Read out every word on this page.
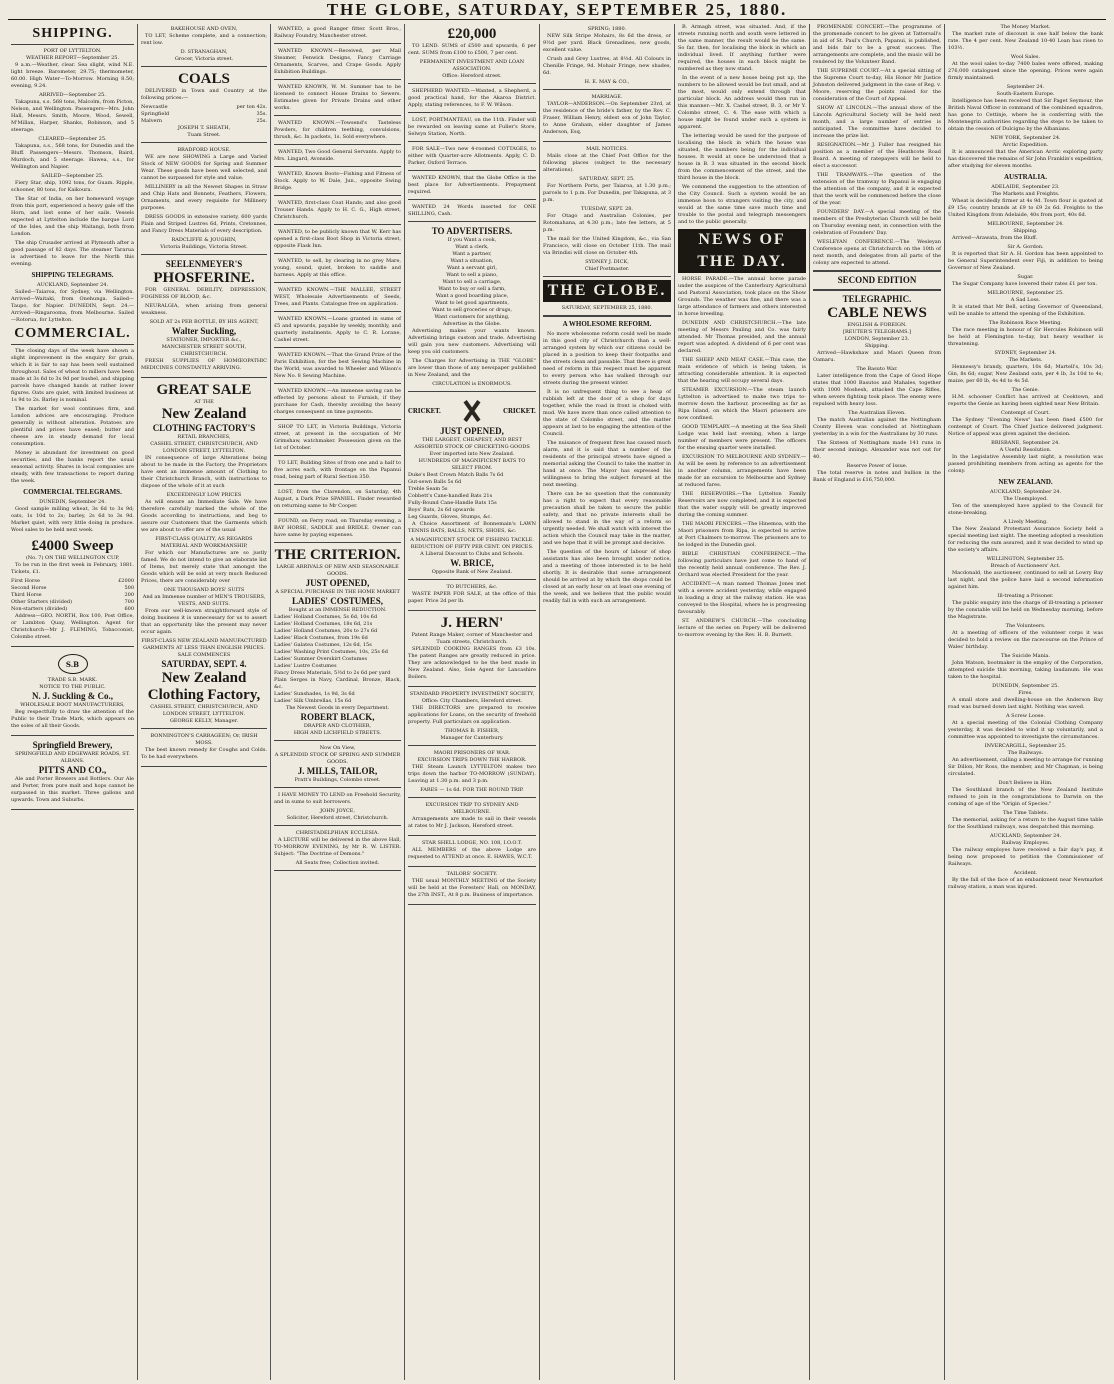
THE GLOBE, SATURDAY, SEPTEMBER 25, 1880.
SHIPPING.
PORT OF LYTTELTON.
WEATHER REPORT—September 25.

9 a.m.—Weather, clear. Sea slight, wind N.E. light breeze. Barometer, 29.75; thermometer, 60.00. High Water—To-Morrow. Morning 8.50; evening, 9.24.

ARRIVED—September 25.

Takapuna, s.s. 568 tons, Malcolm, from Picton, Nelson, and Wellington. Passengers—Mrs. John Hall, Messrs. Smith, Moore, Wood, Sewell, M'Millan, Harper, Shanks, Robinson, and 5 steerage.

CLEARED—September 25.

Takapuna, s.s., 568 tons, for Dunedin and the Bluff. Passengers—Messrs. Thomson, Baird, Murdoch, and 5 steerage. Hawea, s.s., for Wellington and Napier.

SAILED—September 25.

Fiery Star, ship, 1092 tons, for Guam. Ripple, schooner, 80 tons, for Kaikoura.

The Star of India, on her homeward voyage from this port, experienced a heavy gale off the Horn, and lost some of her sails. Vessels expected at Lyttelton include the barque Lord of the Isles, and the ship Waitangi, both from London.

The ship Crusader arrived at Plymouth after a good passage of 82 days. The steamer Tararua is advertised to leave for the North this evening.

SHIPPING TELEGRAMS.
AUCKLAND, September 24.

Sailed—Taiaroa, for Sydney, via Wellington. Arrived—Waitaki, from Onehunga. Sailed—Taupo, for Napier. DUNEDIN, Sept. 24.—Arrived—Ringarooma, from Melbourne. Sailed—Rotorua, for Lyttelton.

COMMERCIAL.

The closing days of the week have shown a slight improvement in the enquiry for grain, which it is fair to say has been well sustained throughout. Sales of wheat to millers have been made at 3s 6d to 3s 9d per bushel, and shipping parcels have changed hands at rather lower figures. Oats are quiet, with limited business at 1s 9d to 2s. Barley is nominal.

The market for wool continues firm, and London advices are encouraging. Produce generally is without alteration. Potatoes are plentiful and prices have eased; butter and cheese are in steady demand for local consumption.

Money is abundant for investment on good securities, and the banks report the usual seasonal activity. Shares in local companies are steady, with few transactions to report during the week.

COMMERCIAL TELEGRAMS.
DUNEDIN, September 24.

Good sample milling wheat, 3s 6d to 3s 9d; oats, 1s 10d to 2s; barley, 2s 6d to 3s 9d. Market quiet, with very little doing in produce. Wool sales to be held next week.

£4000 Sweep
(No. 7) ON THE WELLINGTON CUP,

To be run in the first week in February, 1881. Tickets, £1.

First Horse	£2000
Second Horse	500
Third Horse	200
Other Starters (divided)	700
Non-starters (divided)	600

Address—GEO. NORTH, Box 100, Post Office, or Lambton Quay, Wellington. Agent for Christchurch—Mr J. FLEMING, Tobacconist, Colombo street.

S.B
TRADE S.B. MARK.
NOTICE TO THE PUBLIC.
N. J. Suckling & Co.,
WHOLESALE BOOT MANUFACTURERS,

Beg respectfully to draw the attention of the Public to their Trade Mark, which appears on the soles of all their Goods.

Springfield Brewery,
SPRINGFIELD AND EDGEWARE ROADS, ST. ALBANS.
PITTS AND CO.,

Ale and Porter Brewers and Bottlers. Our Ale and Porter, from pure malt and hops cannot be surpassed in this market. Three gallons and upwards. Town and Suburbs.

BAKEHOUSE AND OVEN,

TO LET, Scheme complete, and a connection; rent low.

D. STRANAGHAN,
Grocer, Victoria street.
COALS

DELIVERED in Town and Country at the following prices:—

Newcastle	per ton 42s.
Springfield	35s.
Malvern	25s.
JOSEPH T. SHEATH,
Tuam Street.
BRADFORD HOUSE.

WE are now SHOWING a Large and Varied Stock of NEW GOODS for Spring and Summer Wear. These goods have been well selected, and cannot be surpassed for style and value.

MILLINERY in all the Newest Shapes in Straw and Chip Hats and Bonnets, Feathers, Flowers, Ornaments, and every requisite for Millinery purposes.

DRESS GOODS in extensive variety, 600 yards Plain and Striped Lustres 6d, Prints, Cretonnes, and Fancy Dress Materials of every description.

RADCLIFFE & JOUGHIN,
Victoria Buildings, Victoria Street.
SEELENMEYER'S
PHOSFERINE.

FOR GENERAL DEBILITY, DEPRESSION, FOGINESS OF BLOOD, &c.

NEURALGIA, when arising from general weakness.

SOLD AT 2s PER BOTTLE, BY HIS AGENT,
Walter Suckling,
STATIONER, IMPORTER &c.,
MANCHESTER STREET SOUTH, CHRISTCHURCH.

FRESH SUPPLIES OF HOMŒOPATHIC MEDICINES CONSTANTLY ARRIVING.

GREAT SALE
AT THE
New Zealand
CLOTHING FACTORY'S
RETAIL BRANCHES,
CASHEL STREET, CHRISTCHURCH, AND LONDON STREET, LYTTELTON.

IN consequence of large Alterations being about to be made in the Factory, the Proprietors have sent an immense amount of Clothing to their Christchurch Branch, with instructions to dispose of the whole of it at such

EXCEEDINGLY LOW PRICES

As will ensure an Immediate Sale. We have therefore carefully marked the whole of the Goods according to instructions, and beg to assure our Customers that the Garments which we are about to offer are of the usual

FIRST-CLASS QUALITY, AS REGARDS MATERIAL AND WORKMANSHIP,

For which our Manufactures are so justly famed. We do not intend to give an elaborate list of Items, but merely state that amongst the Goods which will be sold at very much Reduced Prices, there are considerably over

ONE THOUSAND BOYS' SUITS
And an Immense number of MEN'S TROUSERS, VESTS, AND SUITS.

From our well-known straightforward style of doing business it is unnecessary for us to assert that an opportunity like the present may never occur again.

FIRST-CLASS NEW ZEALAND MANUFACTURED GARMENTS AT LESS THAN ENGLISH PRICES.
SALE COMMENCES
SATURDAY, SEPT. 4.
New Zealand Clothing Factory,
CASHEL STREET, CHRISTCHURCH, AND LONDON STREET, LYTTELTON.
GEORGE KELLY, Manager.
BONNINGTON'S CARRAGEEN; Or, IRISH MOSS.

The best known remedy for Coughs and Colds. To be had everywhere.

WANTED, a good Ranger fitter. Scott Bros., Railway Foundry, Manchester street.

WANTED KNOWN.—Received, per Mail Steamer, Fenwick Designs, Fancy Carriage Ornaments, Scarves, and Crape Goods. Apply Exhibition Buildings.

WANTED KNOWN, W. M. Summer has to be licensed to connect House Drains to Sewers. Estimates given for Private Drains and other works.

WANTED KNOWN.—Towsend's Tasteless Powders, for children teething, convulsions, thrush, &c. In packets, 1s. Sold everywhere.

WANTED, Two Good General Servants. Apply to Mrs. Lingard, Avonside.

WANTED, Known Boots—Fishing and Fitness of Stock. Apply to W. Dale, Jun., opposite Swing Bridge.

WANTED, first-class Coat Hands; and also good Trouser Hands. Apply to H. C. G., High street, Christchurch.

WANTED, to be publicly known that W. Kerr has opened a first-class Boot Shop in Victoria street, opposite Flask Inn.

WANTED, to sell, by clearing in no grey Mare, young, sound, quiet, broken to saddle and harness. Apply at this office.

WANTED KNOWN.—THE MALLEE, STREET WEST, Wholesale Advertisements of Seeds, Trees, and Plants. Catalogue free on application.

WANTED KNOWN.—Loans granted in sums of £5 and upwards, payable by weekly, monthly, and quarterly instalments. Apply to C. R. Lorane, Cashel street.

WANTED KNOWN.—That the Grand Prize of the Paris Exhibition, for the best Sewing Machine in the World, was awarded to Wheeler and Wilson's New No. 8 Sewing Machine.

WANTED KNOWN.—An immense saving can be effected by persons about to Furnish, if they purchase for Cash, thereby avoiding the heavy charges consequent on time payments.

SHOP TO LET, in Victoria Buildings, Victoria street, at present in the occupation of Mr Grimshaw, watchmaker. Possession given on the 1st of October.

TO LET, Building Sites of from one and a half to five acres each, with frontage on the Papanui road, being part of Rural Section 350.

LOST, from the Clarendon, on Saturday, 4th August, a Dark Prize SPANIEL. Finder rewarded on returning same to Mr Cooper.

FOUND, on Ferry road, on Thursday evening, a BAY HORSE, SADDLE and BRIDLE. Owner can have same by paying expenses.

THE CRITERION.
LARGE ARRIVALS OF NEW AND SEASONABLE GOODS.
JUST OPENED,
A SPECIAL PURCHASE IN THE HOME MARKET
LADIES' COSTUMES,
Bought at an IMMENSE REDUCTION.
Ladies' Holland Costumes, 5s 6d, 10s 6d
Ladies' Holland Costumes, 18s 6d, 21s
Ladies' Holland Costumes, 20s to 27s 6d
Ladies' Black Costumes, from 19s 6d
Ladies' Galatea Costumes, 12s 6d, 15s
Ladies' Washing Print Costumes, 10s, 25s 6d
Ladies' Summer Overskirt Costumes
Ladies' Lustre Costumes
Fancy Dress Materials, 5½d to 2s 6d per yard
Plain Serges in Navy, Cardinal, Bronze, Black, &c.
Ladies' Sunshades, 1s 9d, 3s 6d
Ladies' Silk Umbrellas, 15s 6d
The Newest Goods in every Department.
ROBERT BLACK,
DRAPER AND CLOTHIER,
HIGH AND LICHFIELD STREETS.
Now On View,
A SPLENDID STOCK OF SPRING AND SUMMER GOODS.
J. MILLS, TAILOR,
Pratt's Buildings, Colombo street.

I HAVE MONEY TO LEND on Freehold Security, and in sums to suit borrowers.

JOHN JOYCE,
Solicitor, Hereford street, Christchurch.
CHRISTADELPHIAN ECCLESIA.

A LECTURE will be delivered in the above Hall, TO-MORROW EVENING, by Mr R. W. LISTER. Subject: "The Doctrine of Demons."

All Seats free; Collection invited.
£20,000

TO LEND. SUMS of £500 and upwards, 6 per cent. SUMS from £100 to £500, 7 per cent.

PERMANENT INVESTMENT AND LOAN ASSOCIATION.
Office: Hereford street.

SHEPHERD WANTED.—Wanted, a Shepherd, a good practical hand, for the Akaroa District. Apply, stating references, to F. W. Wilson.

LOST, PORTMANTEAU, on the 11th. Finder will be rewarded on leaving same at Fuller's Store, Selwyn Station, North.

FOR SALE—Two new 4-roomed COTTAGES, to either with Quarter-acre Allotments. Apply, C. D. Parker, Oxford Terrace.

WANTED KNOWN, that the Globe Office is the best place for Advertisements. Prepayment required.

WANTED 24 Words inserted for ONE SHILLING, Cash.

TO ADVERTISERS.
If you Want a cook,
Want a clerk,
Want a partner,
Want a situation,
Want a servant girl,
Want to sell a piano,
Want to sell a carriage,
Want to buy or sell a farm,
Want a good boarding place,
Want to let good apartments,
Want to sell groceries or drugs,
Want customers for anything,
Advertise in the Globe.

Advertising makes your wants known. Advertising brings custom and trade. Advertising will gain you new customers. Advertising will keep you old customers.

The Charges for Advertising in THE "GLOBE" are lower than those of any newspaper published in New Zealand, and the

CIRCULATION is ENORMOUS.
CRICKET.	CRICKET.
JUST OPENED,
THE LARGEST, CHEAPEST, AND BEST ASSORTED STOCK OF CRICKETING GOODS Ever imported into New Zealand.
HUNDREDS OF MAGNIFICENT BATS TO SELECT FROM.
Duke's Best Crown Match Balls 7s 6d
Gut-sewn Balls 5s 6d
Treble Seam 5s
Cobbett's Cane-handled Bats 21s
Fully-Bound Cane-Handle Bats 15s
Boys' Bats, 2s 6d upwards
Leg Guards, Gloves, Stumps, &c.

A Choice Assortment of Bonnemain's LAWN TENNIS BATS, BALLS, NETS, SHOES, &c.

A MAGNIFICENT STOCK OF FISHING TACKLE.
REDUCTION OF FIFTY PER CENT. ON PRICES.
A Liberal Discount to Clubs and Schools.
W. BRICE,
Opposite Bank of New Zealand.
TO BUTCHERS, &c.

WASTE PAPER FOR SALE, at the office of this paper. Price 2d per lb.

J. HERN'
Patent Range Maker, corner of Manchester and Tuam streets, Christchurch.

SPLENDID COOKING RANGES from £3 10s. The patent Ranges are greatly reduced in price. They are acknowledged to be the best made in New Zealand. Also, Sole Agent for Lancashire Boilers.

STANDARD PROPERTY INVESTMENT SOCIETY,
Office: City Chambers, Hereford street.

THE DIRECTORS are prepared to receive applications for Loans, on the security of freehold property. Full particulars on application.

THOMAS B. FISHER,
Manager for Canterbury.
MAORI PRISONERS OF WAR.
EXCURSION TRIPS DOWN THE HARBOR.

THE Steam Launch LYTTELTON makes two trips down the harbor TO-MORROW (SUNDAY). Leaving at 1.30 p.m. and 3 p.m.

FARES — 1s 6d. FOR THE ROUND TRIP.
EXCURSION TRIP TO SYDNEY AND MELBOURNE.

Arrangements are made to sail in their vessels at rates to Mr J. Jackson, Hereford street.

STAR SHELL LODGE, NO. 108, I.O.O.T.

ALL MEMBERS of the above Lodge are requested to ATTEND at once. E. HAWES, W.C.T.

TAILORS' SOCIETY.

THE usual MONTHLY MEETING of the Society will be held at the Foresters' Hall, on MONDAY, the 27th INST., At 8 p.m. Business of importance.

SPRING; 1880.

NEW Silk Stripe Mohairs, 8s 6d the dress, or 9½d per yard. Black Grenadines, new goods, excellent value.

Crush and Grey Lustres, at 8½d. All Colours in Chenille Fringe, 9d. Mohair Fringe, new shades, 6d.

H. E. MAY & CO.,
MARRIAGE.

TAYLOR—ANDERSON.—On September 23rd, at the residence of the bride's father, by the Rev. C. Fraser, William Henry, eldest son of John Taylor, to Anne Graham, elder daughter of James Anderson, Esq.

MAIL NOTICES.

Mails close at the Chief Post Office for the following places (subject to the necessary alterations).

SATURDAY, SEPT. 25.

For Northern Ports, per Taiaroa, at 1.30 p.m.; parcels to 1 p.m. For Dunedin, per Takapuna, at 3 p.m.

TUESDAY, SEPT. 28.

For Otago and Australian Colonies, per Rotomahana, at 4.30 p.m.; late fee letters, at 5 p.m.

The mail for the United Kingdom, &c., via San Francisco, will close on October 11th. The mail via Brindisi will close on October 4th.

SYDNEY J. DICK,
Chief Postmaster.
THE GLOBE.
SATURDAY, SEPTEMBER 25, 1880.
A WHOLESOME REFORM.

No more wholesome reform could well be made in this good city of Christchurch than a well-arranged system by which our citizens could be placed in a position to keep their footpaths and the streets clean and passable. That there is great need of reform in this respect must be apparent to every person who has walked through our streets during the present winter.

It is no unfrequent thing to see a heap of rubbish left at the door of a shop for days together, while the road in front is choked with mud. We have more than once called attention to the state of Colombo street, and the matter appears at last to be engaging the attention of the Council.

The nuisance of frequent fires has caused much alarm, and it is said that a number of the residents of the principal streets have signed a memorial asking the Council to take the matter in hand at once. The Mayor has expressed his willingness to bring the subject forward at the next meeting.

There can be no question that the community has a right to expect that every reasonable precaution shall be taken to secure the public safety, and that no private interests shall be allowed to stand in the way of a reform so urgently needed. We shall watch with interest the action which the Council may take in the matter, and we hope that it will be prompt and decisive.

The question of the hours of labour of shop assistants has also been brought under notice, and a meeting of those interested is to be held shortly. It is desirable that some arrangement should be arrived at by which the shops could be closed at an early hour on at least one evening of the week, and we believe that the public would readily fall in with such an arrangement.

B. Armagh street, was situated. And, if the streets running north and south were lettered in the same manner, the result would be the same. So far, then, for localising the block in which an individual lived. If anything further were required, the houses in each block might be numbered as they now stand.

In the event of a new house being put up, the numbers to be allowed would be but small, and at the most, would only extend through that particular block. An address would then run in this manner:—Mr. X. Cashel street, B. 3, or Mr Y. Colombo street, C. 4. The ease with which a house might be found under such a system is apparent.

The lettering would be used for the purpose of localising the block in which the house was situated, the numbers being for the individual houses. It would at once be understood that a house in B. 3 was situated in the second block from the commencement of the street, and the third house in the block.

We commend the suggestion to the attention of the City Council. Such a system would be an immense boon to strangers visiting the city, and would at the same time save much time and trouble to the postal and telegraph messengers and to the public generally.

NEWS OF THE DAY.

HORSE PARADE.—The annual horse parade under the auspices of the Canterbury Agricultural and Pastoral Association, took place on the Show Grounds. The weather was fine, and there was a large attendance of farmers and others interested in horse breeding.

DUNEDIN AND CHRISTCHURCH.—The late meeting of Messrs Pauling and Co. was fairly attended. Mr Thomas presided, and the annual report was adopted. A dividend of 6 per cent was declared.

THE SHEEP AND MEAT CASE.—This case, the main evidence of which is being taken, is attracting considerable attention. It is expected that the hearing will occupy several days.

STEAMER EXCURSION.—The steam launch Lyttelton is advertised to make two trips to-morrow down the harbour, proceeding as far as Ripa Island, on which the Maori prisoners are now confined.

GOOD TEMPLARY.—A meeting at the Sea Shell Lodge was held last evening, when a large number of members were present. The officers for the ensuing quarter were installed.

EXCURSION TO MELBOURNE AND SYDNEY.—As will be seen by reference to an advertisement in another column, arrangements have been made for an excursion to Melbourne and Sydney at reduced fares.

THE RESERVOIRS.—The Lyttelton Family Reservoirs are now completed, and it is expected that the water supply will be greatly improved during the coming summer.

THE MAORI FENCERS.—The Hinemoa, with the Maori prisoners from Ripa, is expected to arrive at Port Chalmers to-morrow. The prisoners are to be lodged in the Dunedin gaol.

BIBLE CHRISTIAN CONFERENCE.—The following particulars have just come to hand of the recently held annual conference. The Rev. J. Orchard was elected President for the year.

ACCIDENT.—A man named Thomas Jones met with a severe accident yesterday, while engaged in loading a dray at the railway station. He was conveyed to the Hospital, where he is progressing favourably.

ST. ANDREW'S CHURCH.—The concluding lecture of the series on Popery will be delivered to-morrow evening by the Rev. H. B. Burnett.

PROMENADE CONCERT.—The programme of the promenade concert to be given at Tattersall's in aid of St. Paul's Church, Papanui, is published, and bids fair to be a great success. The arrangements are complete, and the music will be rendered by the Volunteer Band.

THE SUPREME COURT.—At a special sitting of the Supreme Court to-day, His Honor Mr Justice Johnston delivered judgment in the case of Reg. v. Moore, reserving the points raised for the consideration of the Court of Appeal.

SHOW AT LINCOLN.—The annual show of the Lincoln Agricultural Society will be held next month, and a large number of entries is anticipated. The committee have decided to increase the prize list.

RESIGNATION.—Mr J. Fuller has resigned his position as a member of the Heathcote Road Board. A meeting of ratepayers will be held to elect a successor.

THE TRAMWAYS.—The question of the extension of the tramway to Papanui is engaging the attention of the company, and it is expected that the work will be commenced before the close of the year.

FOUNDERS' DAY.—A special meeting of the members of the Presbyterian Church will be held on Thursday evening next, in connection with the celebration of Founders' Day.

WESLEYAN CONFERENCE.—The Wesleyan Conference opens at Christchurch on the 10th of next month, and delegates from all parts of the colony are expected to attend.

SECOND EDITION
TELEGRAPHIC.
CABLE NEWS
ENGLISH & FOREIGN.
[REUTER'S TELEGRAMS.]
LONDON, September 23.
Shipping.

Arrived—Hawkshaw and Maori Queen from Oamaru.

The Basuto War.

Later intelligence from the Cape of Good Hope states that 1000 Basutos and Mahales, together with 1000 Moshesh, attacked the Cape Rifles, when severe fighting took place. The enemy were repulsed with heavy loss.

The Australian Eleven.

The match Australian against the Nottingham County Eleven was concluded at Nottingham yesterday in a win for the Australians by 30 runs.

The Sixteen of Nottingham made 141 runs in their second innings. Alexander was not out for 40.

Reserve Power of Issue.

The total reserve in notes and bullion in the Bank of England is £16,750,000.

The Money Market.

The market rate of discount is one half below the bank rate. The 4 per cent. New Zealand 10-40 Loan has risen to 103½.

Wool Sales.

At the wool sales to-day 7400 bales were offered, making 276,000 catalogued since the opening. Prices were again firmly maintained.

September 24.
South-Eastern Europe.

Intelligence has been received that Sir Paget Seymour, the British Naval Officer in command of the combined squadron, has gone to Cettinje, where he is conferring with the Montenegrin authorities regarding the steps to be taken to obtain the cession of Dulcigno by the Albanians.

NEW YORK, September 24.
Arctic Expedition.

It is announced that the American Arctic exploring party has discovered the remains of Sir John Franklin's expedition, after studying for eleven months.

AUSTRALIA.
ADELAIDE, September 23.
The Markets and Freights.

Wheat is decidedly firmer at 4s 9d. Town flour is quoted at £9 15s; country brands at £9 to £9 2s 6d. Freights to the United Kingdom from Adelaide, 40s from port, 40s 6d.

MELBOURNE, September 24.
Shipping.

Arrived—Arawata, from the Bluff.

Sir A. Gordon.

It is reported that Sir A. H. Gordon has been appointed to be General Superintendent over Fiji, in addition to being Governor of New Zealand.

Sugar.

The Sugar Company have lowered their rates £1 per ton.

MELBOURNE, September 25.
A Sad Loss.

It is stated that Mr Bell, acting Governor of Queensland, will be unable to attend the opening of the Exhibition.

The Robinson Race Meeting.

The race meeting in honour of Sir Hercules Robinson will be held at Flemington to-day, but heavy weather is threatening.

SYDNEY, September 24.
The Markets.

Hennessy's brandy, quarters, 10s 6d; Martell's, 10s 3d; Gin, 8s 6d; sugar, New Zealand oats, per 4 lb, 3s 10d to 4s; maize, per 60 lb, 4s 4d to 4s 5d.

The Genie.

H.M. schooner Conflict has arrived at Cooktown, and reports the Genie as having been sighted near New Britain.

Contempt of Court.

The Sydney "Evening News" has been fined £500 for contempt of Court. The Chief Justice delivered judgment. Notice of appeal was given against the decision.

BRISBANE, September 24.
A Useful Resolution.

In the Legislative Assembly last night, a resolution was passed prohibiting members from acting as agents for the colony.

NEW ZEALAND.
AUCKLAND, September 24.
The Unemployed.

Ten of the unemployed have applied to the Council for stone-breaking.

A Lively Meeting.

The New Zealand Protestant Assurance Society held a special meeting last night. The meeting adopted a resolution for reducing the sum assured, and it was decided to wind up the society's affairs.

WELLINGTON, September 25.
Breach of Auctioneers' Act.

Macdonald, the auctioneer, continued to sell at Lowry Bay last night, and the police have laid a second information against him.

Ill-treating a Prisoner.

The public enquiry into the charge of ill-treating a prisoner by the constable will be held on Wednesday morning, before the Magistrate.

The Volunteers.

At a meeting of officers of the volunteer corps it was decided to hold a review on the racecourse on the Prince of Wales' birthday.

The Suicide Mania.

John Watson, bootmaker in the employ of the Corporation, attempted suicide this morning, taking laudanum. He was taken to the hospital.

DUNEDIN, September 25.
Fires.

A small store and dwelling-house on the Anderson Bay road was burned down last night. Nothing was saved.

A Screw Loose.

At a special meeting of the Colonial Clothing Company yesterday, it was decided to wind it up voluntarily, and a committee was appointed to investigate the circumstances.

INVERCARGILL, September 25.
The Railways.

An advertisement, calling a meeting to arrange for running Sir Dillon, Mr Ross, the member, and Mr Chapman, is being circulated.

Don't Believe in Him.

The Southland branch of the New Zealand Institute refused to join in the congratulations to Darwin on the coming of age of the "Origin of Species."

The Time Tablets.

The memorial, asking for a return to the August time table for the Southland railways, was despatched this morning.

AUCKLAND, September 24.
Railway Employes.

The railway employes have received a fair day's pay, it being now proposed to petition the Commissioner of Railways.

Accident.

By the fall of the face of an embankment near Newmarket railway station, a man was injured.
